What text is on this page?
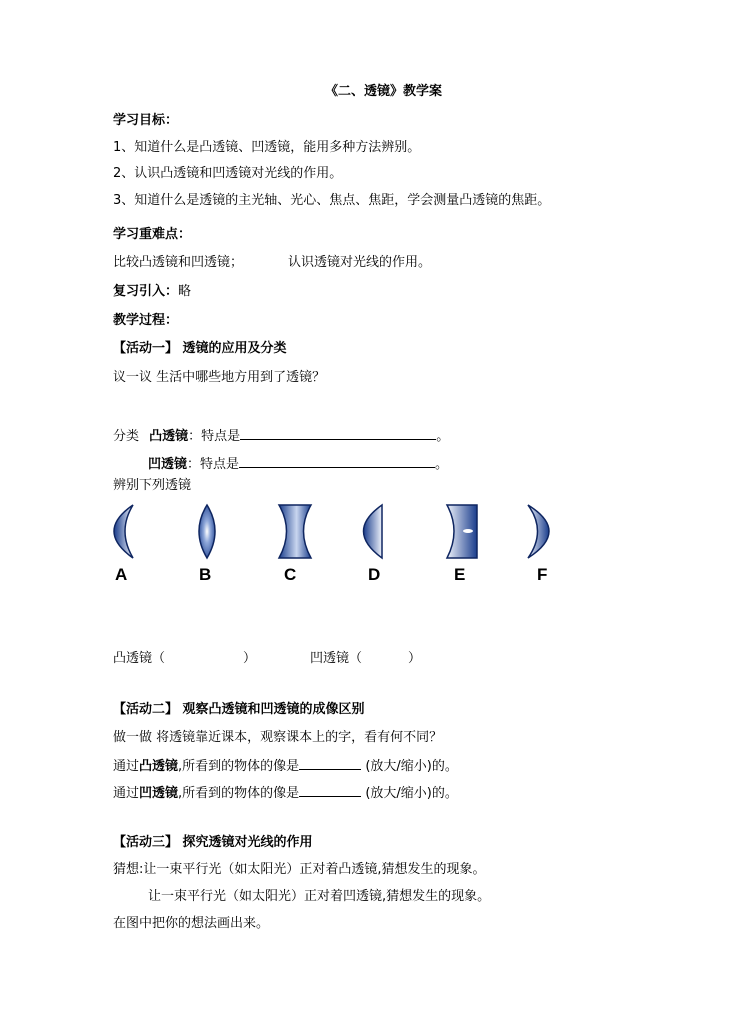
《二、透镜》教学案
学习目标：
1、知道什么是凸透镜、凹透镜，能用多种方法辨别。
2、认识凸透镜和凹透镜对光线的作用。
3、知道什么是透镜的主光轴、光心、焦点、焦距，学会测量凸透镜的焦距。
学习重难点：
比较凸透镜和凹透镜；	认识透镜对光线的作用。
复习引入：略
教学过程：
【活动一】 透镜的应用及分类
议一议 生活中哪些地方用到了透镜？
分类 凸透镜：特点是	。
凹透镜：特点是	。
辨别下列透镜
A	B	C	D	E	F
凸透镜（	）	凹透镜（	）
【活动二】 观察凸透镜和凹透镜的成像区别
做一做 将透镜靠近课本，观察课本上的字，看有何不同？
通过凸透镜,所看到的物体的像是	(放大/缩小)的。
通过凹透镜,所看到的物体的像是	(放大/缩小)的。
【活动三】 探究透镜对光线的作用
猜想:让一束平行光（如太阳光）正对着凸透镜,猜想发生的现象。
让一束平行光（如太阳光）正对着凹透镜,猜想发生的现象。
在图中把你的想法画出来。
